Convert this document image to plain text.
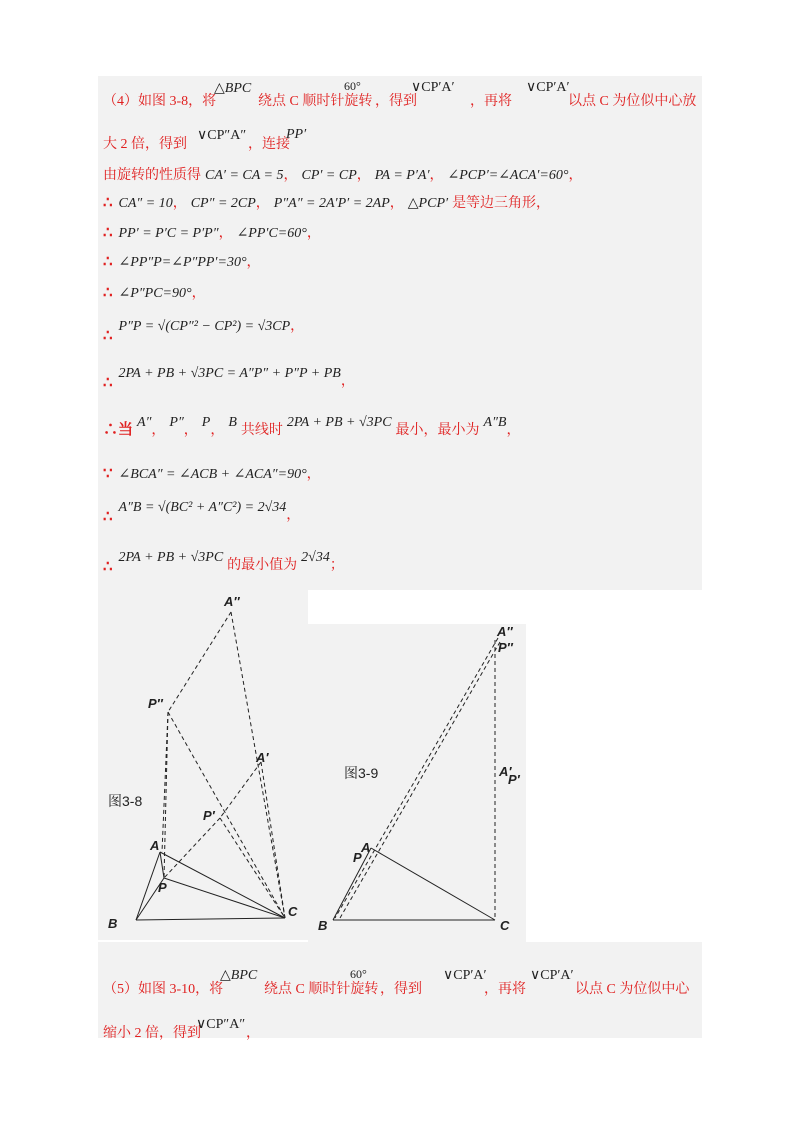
（4）如图 3-8，将
△BPC
绕点 C 顺时针旋转
60°
，得到
∨CP′A′
，再将
∨CP′A′
以点 C 为位似中心放
大 2 倍，得到
∨CP″A″
，连接
PP′
由旋转的性质得 CA′ = CA = 5， CP′ = CP， PA = P′A′， ∠PCP′=∠ACA′=60°，
∴ CA″ = 10， CP″ = 2CP， P″A″ = 2A′P′ = 2AP， △PCP′ 是等边三角形，
∴ PP′ = P′C = P′P″， ∠PP′C=60°，
∴ ∠PP″P=∠P″PP′=30°，
∴ ∠P″PC=90°，
∴ P″P = √(CP″² − CP²) = √3CP，
∴ 2PA + PB + √3PC = A″P″ + P″P + PB，
∴当 A″， P″， P， B 共线时 2PA + PB + √3PC 最小，最小为 A″B，
∵ ∠BCA″ = ∠ACB + ∠ACA″=90°，
∴ A″B = √(BC² + A″C²) = 2√34，
∴ 2PA + PB + √3PC 的最小值为 2√34；
A″
P″
A′
P′
A
P
B
C
图3-8
A″
P″
A′
P′
A
P
B	C
图3-9
（5）如图 3-10，将
△BPC
绕点 C 顺时针旋转
60°
，得到
∨CP′A′
，再将
∨CP′A′
以点 C 为位似中心
缩小 2 倍，得到
∨CP″A″
，
